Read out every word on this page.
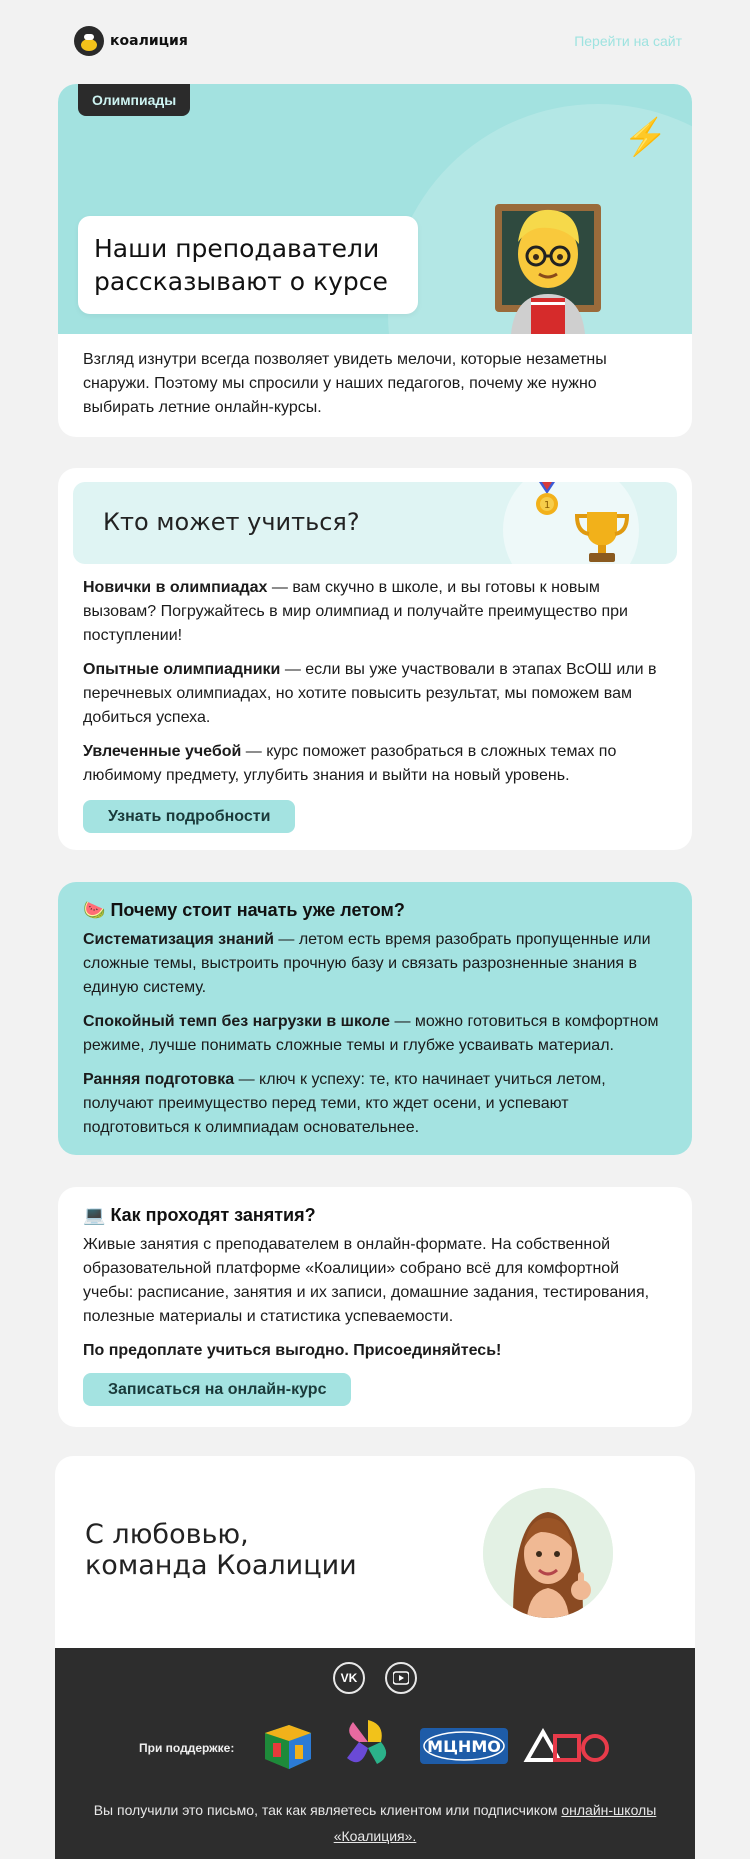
коалиция	Перейти на сайт
Олимпиады
⚡
Наши преподаватели
рассказывают о курсе
Взгляд изнутри всегда позволяет увидеть мелочи, которые незаметны снаружи. Поэтому мы спросили у наших педагогов, почему же нужно выбирать летние онлайн-курсы.
Кто может учиться?
1
Новички в олимпиадах — вам скучно в школе, и вы готовы к новым вызовам? Погружайтесь в мир олимпиад и получайте преимущество при поступлении!
Опытные олимпиадники — если вы уже участвовали в этапах ВсОШ или в перечневых олимпиадах, но хотите повысить результат, мы поможем вам добиться успеха.
Увлеченные учебой — курс поможет разобраться в сложных темах по любимому предмету, углубить знания и выйти на новый уровень.
Узнать подробности
🍉 Почему стоит начать уже летом?
Систематизация знаний — летом есть время разобрать пропущенные или сложные темы, выстроить прочную базу и связать разрозненные знания в единую систему.
Спокойный темп без нагрузки в школе — можно готовиться в комфортном режиме, лучше понимать сложные темы и глубже усваивать материал.
Ранняя подготовка — ключ к успеху: те, кто начинает учиться летом, получают преимущество перед теми, кто ждет осени, и успевают подготовиться к олимпиадам основательнее.
💻 Как проходят занятия?
Живые занятия с преподавателем в онлайн-формате. На собственной образовательной платформе «Коалиции» собрано всё для комфортной учебы: расписание, занятия и их записи, домашние задания, тестирования, полезные материалы и статистика успеваемости.
По предоплате учиться выгодно. Присоединяйтесь!
Записаться на онлайн-курс
С любовью,
команда Коалиции
VK
При поддержке:	МЦНМО
ДПО
Вы получили это письмо, так как являетесь клиентом или подписчиком онлайн-школы «Коалиция».
